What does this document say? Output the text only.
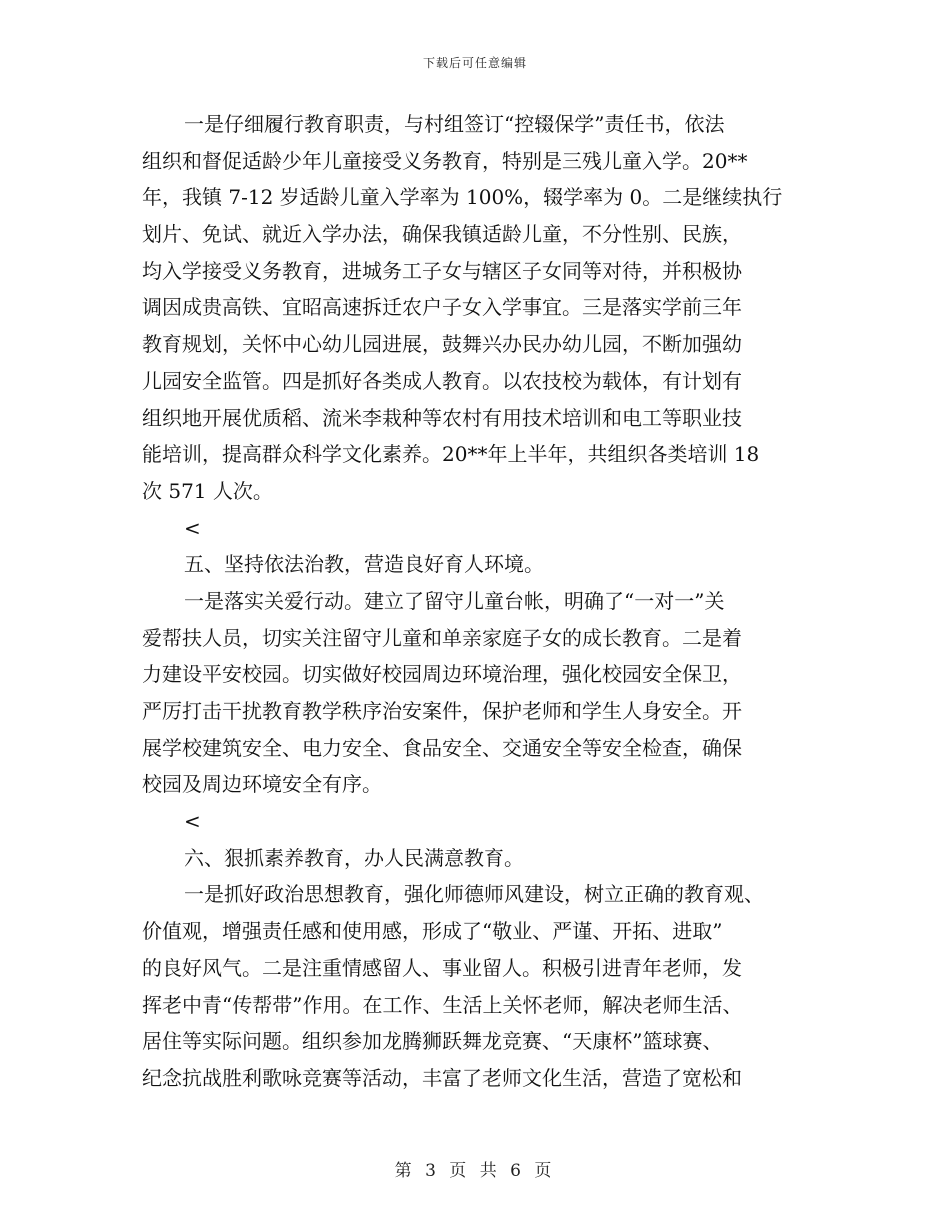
下载后可任意编辑
一是仔细履行教育职责，与村组签订“控辍保学”责任书，依法
组织和督促适龄少年儿童接受义务教育，特别是三残儿童入学。20**
年，我镇 7-12 岁适龄儿童入学率为 100%，辍学率为 0。二是继续执行
划片、免试、就近入学办法，确保我镇适龄儿童，不分性别、民族，
均入学接受义务教育，进城务工子女与辖区子女同等对待，并积极协
调因成贵高铁、宜昭高速拆迁农户子女入学事宜。三是落实学前三年
教育规划，关怀中心幼儿园进展，鼓舞兴办民办幼儿园，不断加强幼
儿园安全监管。四是抓好各类成人教育。以农技校为载体，有计划有
组织地开展优质稻、流米李栽种等农村有用技术培训和电工等职业技
能培训，提高群众科学文化素养。20**年上半年，共组织各类培训 18
次 571 人次。
<
五、坚持依法治教，营造良好育人环境。
一是落实关爱行动。建立了留守儿童台帐，明确了“一对一”关
爱帮扶人员，切实关注留守儿童和单亲家庭子女的成长教育。二是着
力建设平安校园。切实做好校园周边环境治理，强化校园安全保卫，
严厉打击干扰教育教学秩序治安案件，保护老师和学生人身安全。开
展学校建筑安全、电力安全、食品安全、交通安全等安全检查，确保
校园及周边环境安全有序。
<
六、狠抓素养教育，办人民满意教育。
一是抓好政治思想教育，强化师德师风建设，树立正确的教育观、
价值观，增强责任感和使用感，形成了“敬业、严谨、开拓、进取”
的良好风气。二是注重情感留人、事业留人。积极引进青年老师，发
挥老中青“传帮带”作用。在工作、生活上关怀老师，解决老师生活、
居住等实际问题。组织参加龙腾狮跃舞龙竞赛、“天康杯”篮球赛、
纪念抗战胜利歌咏竞赛等活动，丰富了老师文化生活，营造了宽松和
第 3 页 共 6 页
